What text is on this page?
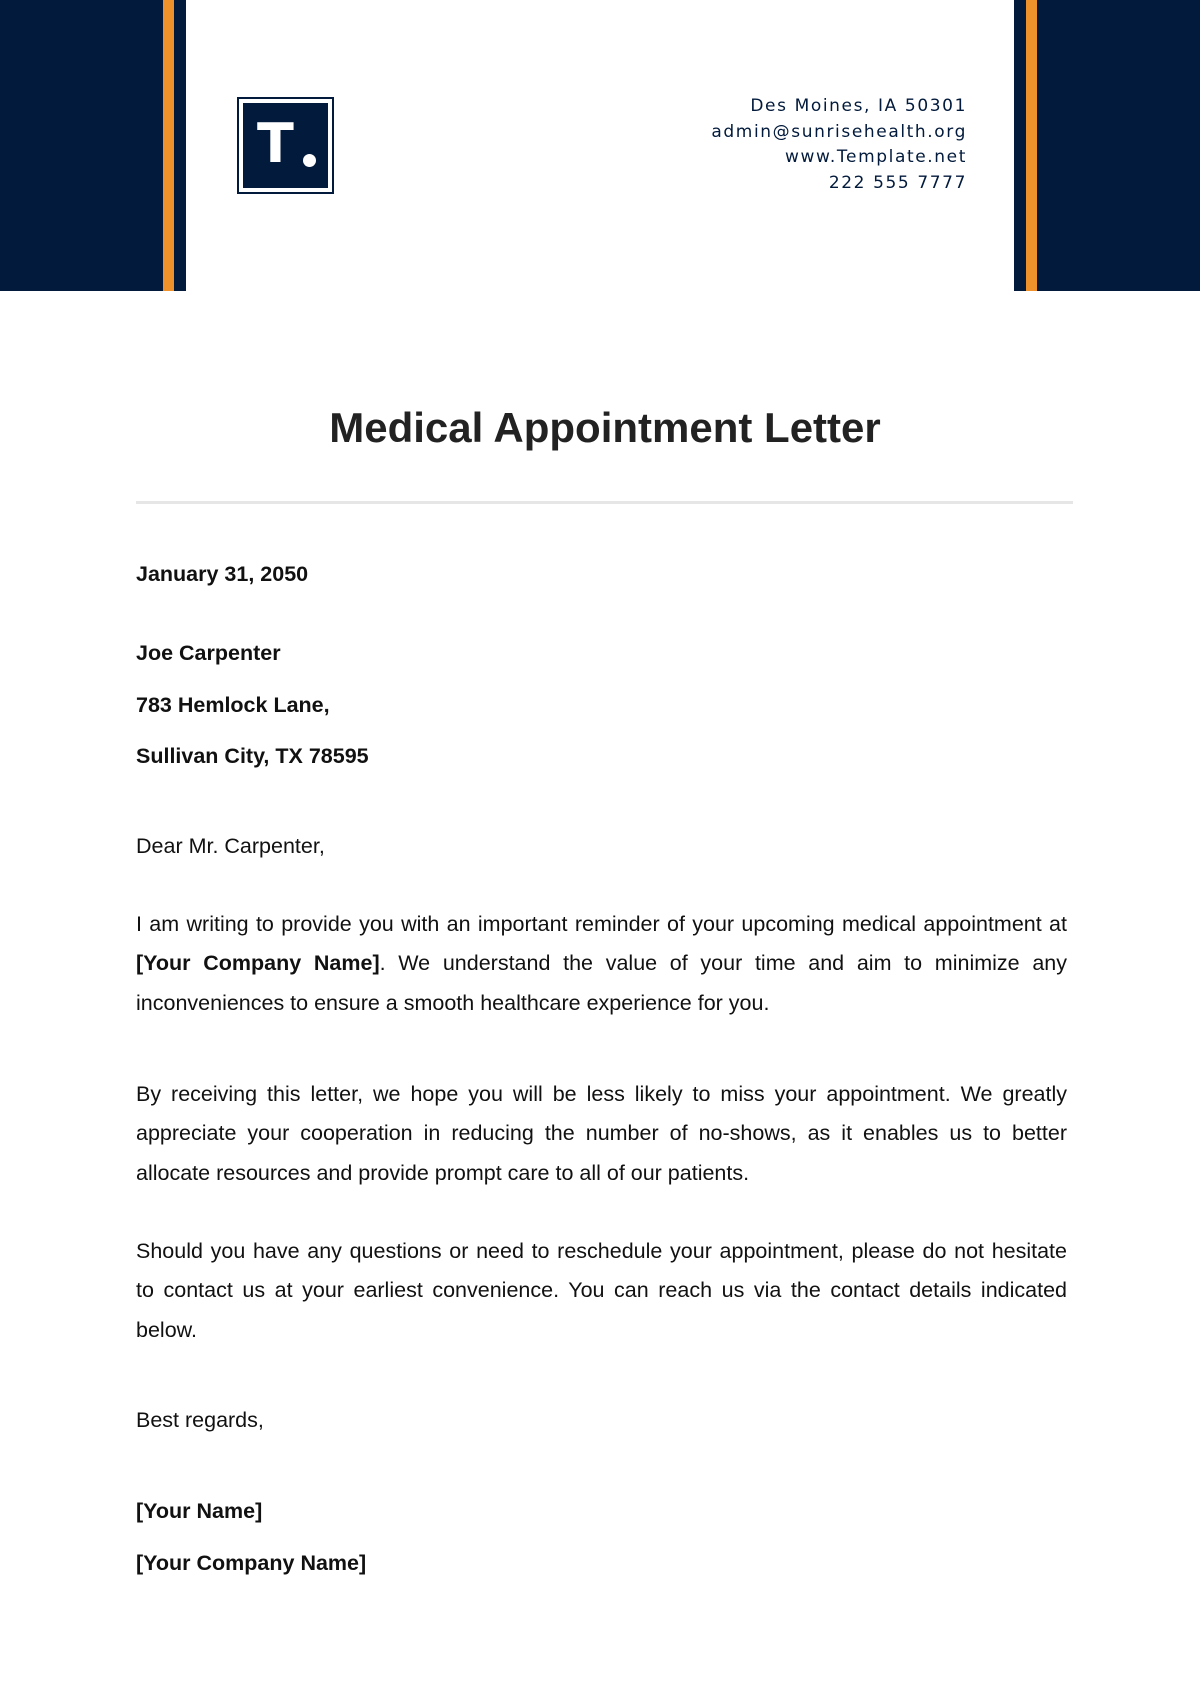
T
Des Moines, IA 50301
admin@sunrisehealth.org
www.Template.net
222 555 7777
Medical Appointment Letter
January 31, 2050
Joe Carpenter
783 Hemlock Lane,
Sullivan City, TX 78595
Dear Mr. Carpenter,

I am writing to provide you with an important reminder of your upcoming medical appointment at [Your Company Name]. We understand the value of your time and aim to minimize any inconveniences to ensure a smooth healthcare experience for you.

By receiving this letter, we hope you will be less likely to miss your appointment. We greatly appreciate your cooperation in reducing the number of no-shows, as it enables us to better allocate resources and provide prompt care to all of our patients.

Should you have any questions or need to reschedule your appointment, please do not hesitate to contact us at your earliest convenience. You can reach us via the contact details indicated below.

Best regards,
[Your Name]
[Your Company Name]
